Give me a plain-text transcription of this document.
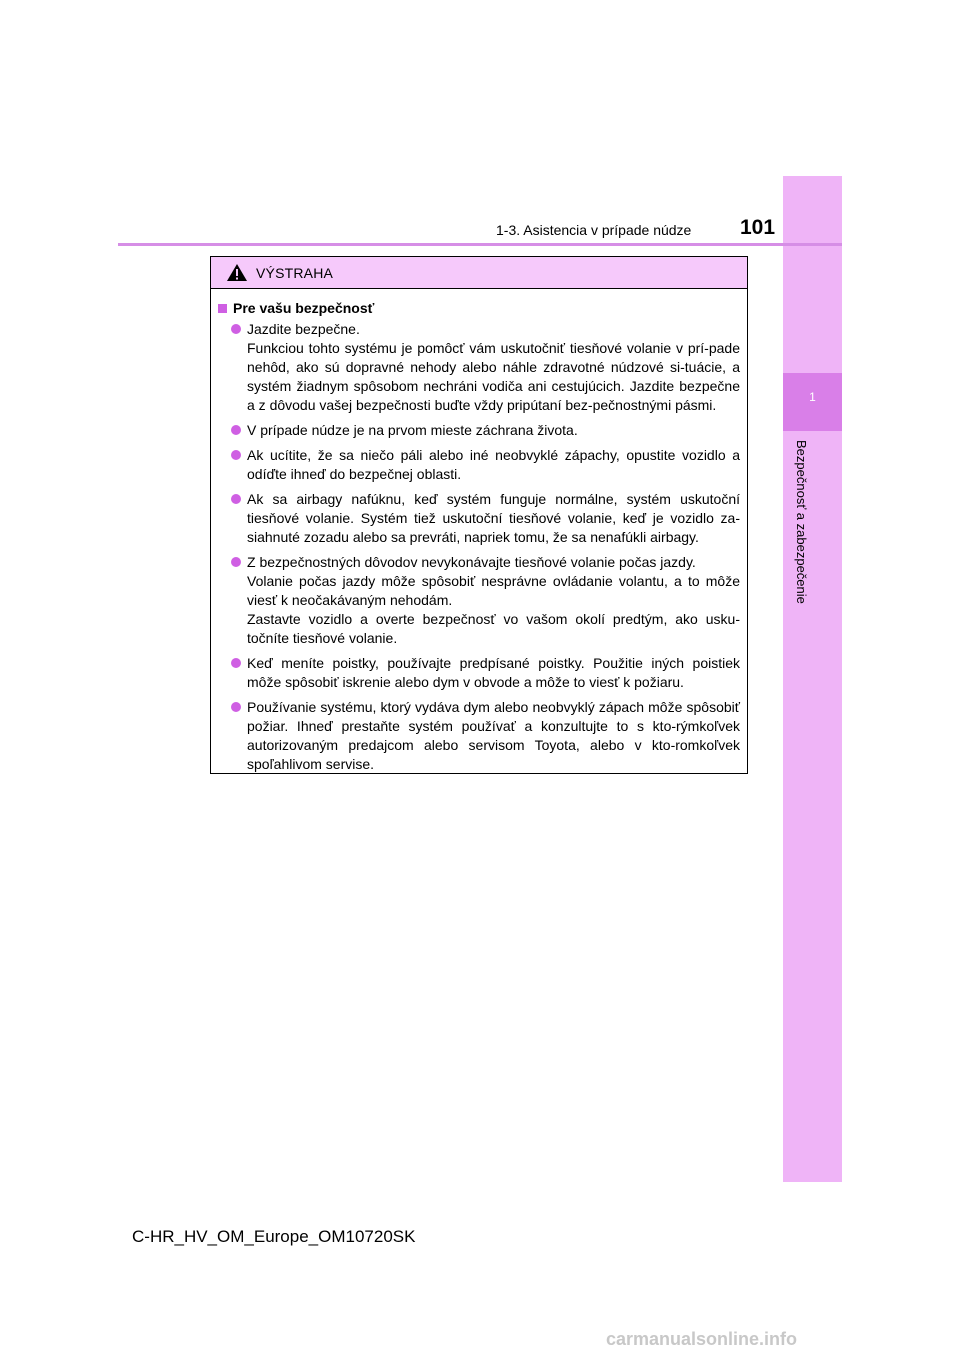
1
Bezpečnosť a zabezpečenie
1-3. Asistencia v prípade núdze 101
VÝSTRAHA
Pre vašu bezpečnosť
Jazdite bezpečne.
Funkciou tohto systému je pomôcť vám uskutočniť tiesňové volanie v prí-pade nehôd, ako sú dopravné nehody alebo náhle zdravotné núdzové si-tuácie, a systém žiadnym spôsobom nechráni vodiča ani cestujúcich. Jazdite bezpečne a z dôvodu vašej bezpečnosti buďte vždy pripútaní bez-pečnostnými pásmi.
V prípade núdze je na prvom mieste záchrana života.
Ak ucítite, že sa niečo páli alebo iné neobvyklé zápachy, opustite vozidlo a odíďte ihneď do bezpečnej oblasti.
Ak sa airbagy nafúknu, keď systém funguje normálne, systém uskutoční tiesňové volanie. Systém tiež uskutoční tiesňové volanie, keď je vozidlo za-siahnuté zozadu alebo sa prevráti, napriek tomu, že sa nenafúkli airbagy.
Z bezpečnostných dôvodov nevykonávajte tiesňové volanie počas jazdy.
Volanie počas jazdy môže spôsobiť nesprávne ovládanie volantu, a to môže viesť k neočakávaným nehodám.
Zastavte vozidlo a overte bezpečnosť vo vašom okolí predtým, ako usku-točníte tiesňové volanie.
Keď meníte poistky, používajte predpísané poistky. Použitie iných poistiek môže spôsobiť iskrenie alebo dym v obvode a môže to viesť k požiaru.
Používanie systému, ktorý vydáva dym alebo neobvyklý zápach môže spôsobiť požiar. Ihneď prestaňte systém používať a konzultujte to s kto-rýmkoľvek autorizovaným predajcom alebo servisom Toyota, alebo v kto-romkoľvek spoľahlivom servise.
C-HR_HV_OM_Europe_OM10720SK
carmanualsonline.info
